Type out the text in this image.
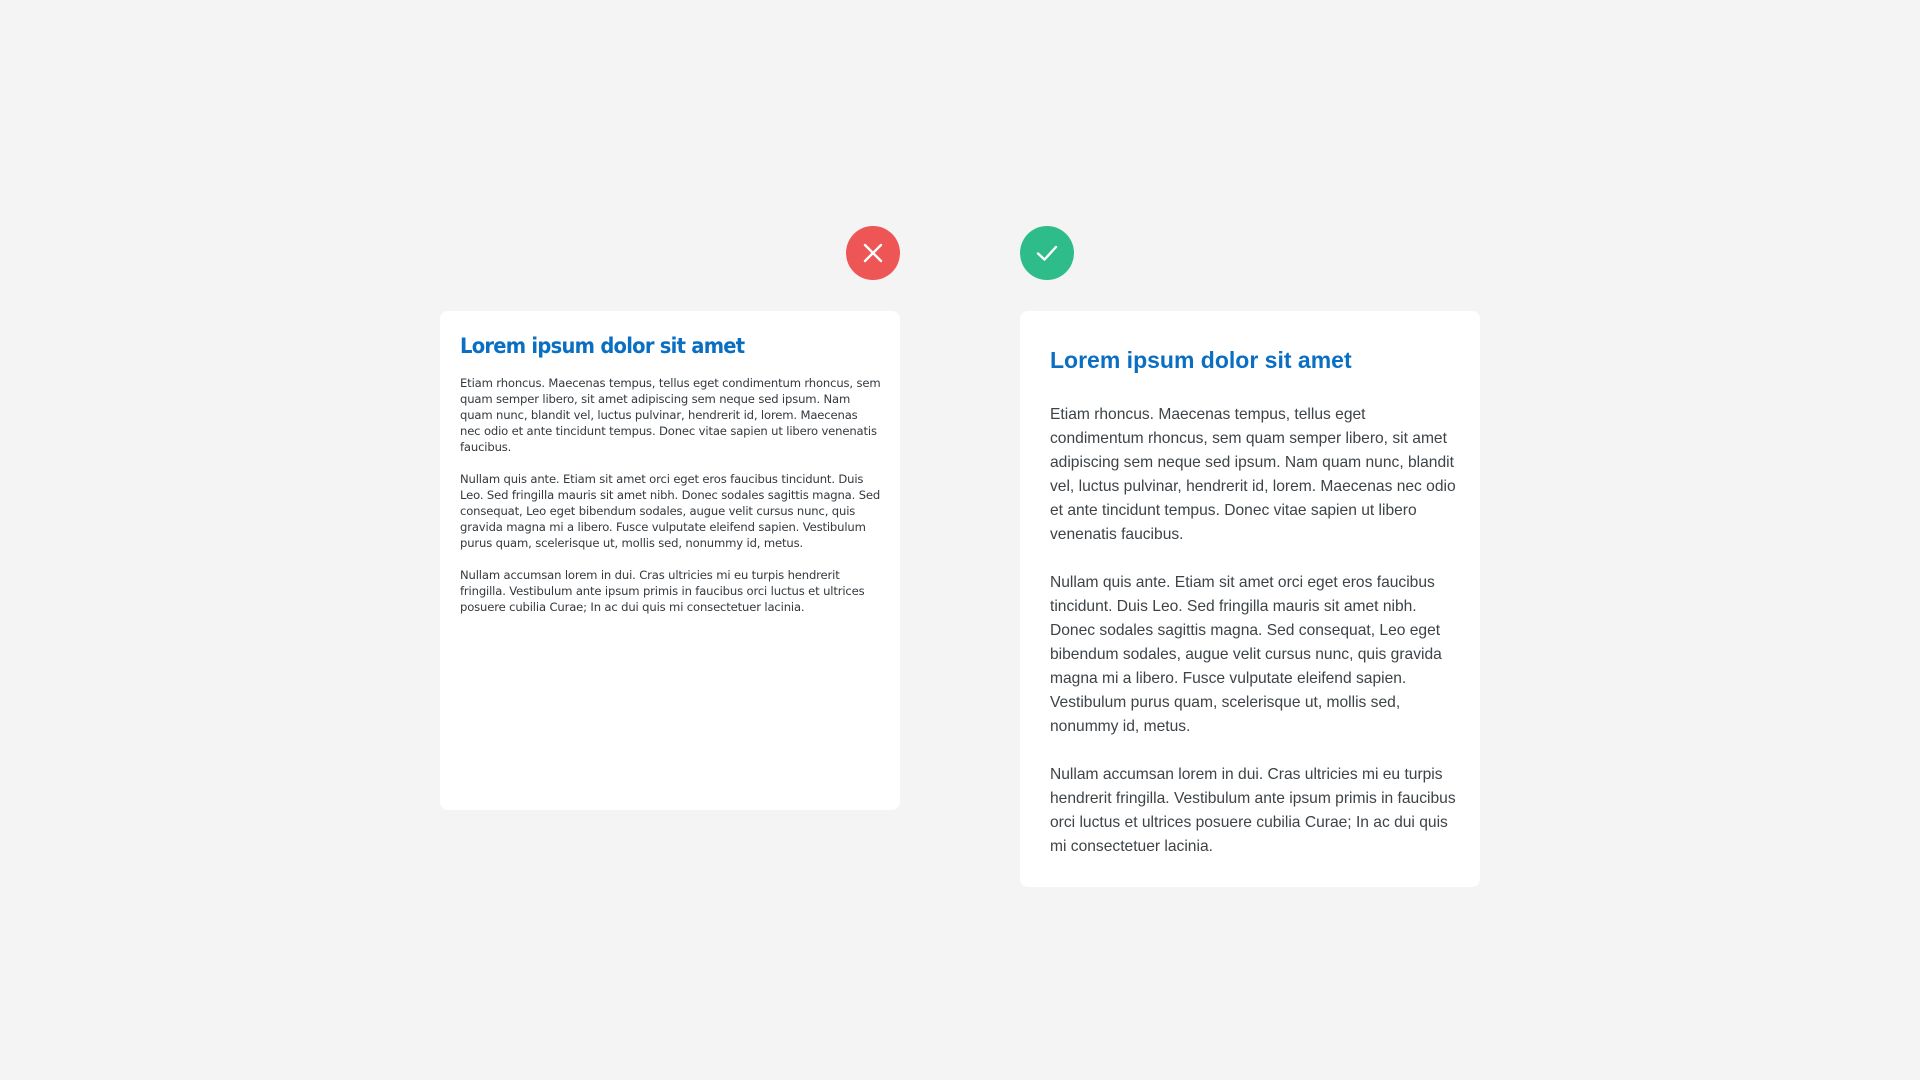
Lorem ipsum dolor sit amet

Etiam rhoncus. Maecenas tempus, tellus eget condimentum rhoncus, sem quam semper libero, sit amet adipiscing sem neque sed ipsum. Nam quam nunc, blandit vel, luctus pulvinar, hendrerit id, lorem. Maecenas nec odio et ante tincidunt tempus. Donec vitae sapien ut libero venenatis faucibus.

Nullam quis ante. Etiam sit amet orci eget eros faucibus tincidunt. Duis Leo. Sed fringilla mauris sit amet nibh. Donec sodales sagittis magna. Sed consequat, Leo eget bibendum sodales, augue velit cursus nunc, quis gravida magna mi a libero. Fusce vulputate eleifend sapien. Vestibulum purus quam, scelerisque ut, mollis sed, nonummy id, metus.

Nullam accumsan lorem in dui. Cras ultricies mi eu turpis hendrerit fringilla. Vestibulum ante ipsum primis in faucibus orci luctus et ultrices posuere cubilia Curae; In ac dui quis mi consectetuer lacinia.

Lorem ipsum dolor sit amet

Etiam rhoncus. Maecenas tempus, tellus eget condimentum rhoncus, sem quam semper libero, sit amet adipiscing sem neque sed ipsum. Nam quam nunc, blandit vel, luctus pulvinar, hendrerit id, lorem. Maecenas nec odio et ante tincidunt tempus. Donec vitae sapien ut libero venenatis faucibus.

Nullam quis ante. Etiam sit amet orci eget eros faucibus tincidunt. Duis Leo. Sed fringilla mauris sit amet nibh. Donec sodales sagittis magna. Sed consequat, Leo eget bibendum sodales, augue velit cursus nunc, quis gravida magna mi a libero. Fusce vulputate eleifend sapien. Vestibulum purus quam, scelerisque ut, mollis sed, nonummy id, metus.

Nullam accumsan lorem in dui. Cras ultricies mi eu turpis hendrerit fringilla. Vestibulum ante ipsum primis in faucibus orci luctus et ultrices posuere cubilia Curae; In ac dui quis mi consectetuer lacinia.
